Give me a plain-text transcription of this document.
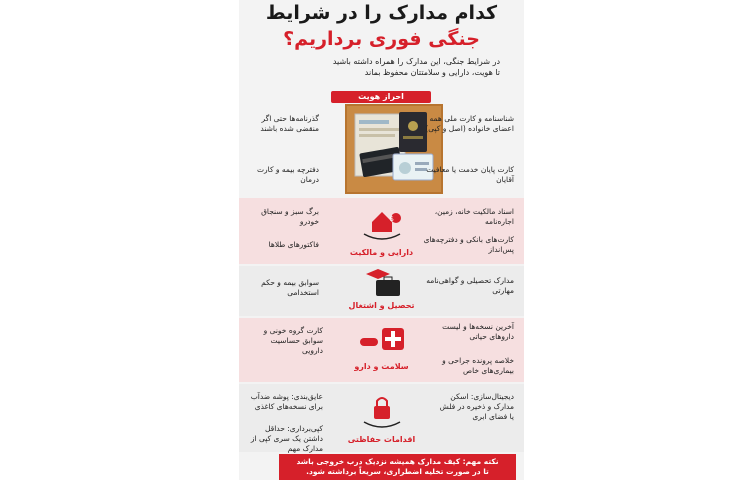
کدام مدارک را در شرایط
جنگی فوری برداریم؟
در شرایط جنگی، این مدارک را همراه داشته باشید
تا هویت، دارایی و سلامتتان محفوظ بماند
احراز هویت
شناسنامه و کارت ملی همه اعضای خانواده (اصل و کپی)
کارت پایان خدمت یا معافیت آقایان
گذرنامه‌ها حتی اگر منقضی شده باشند
دفترچه بیمه و کارت درمان
$
دارایی و مالکیت
اسناد مالکیت خانه، زمین، اجاره‌نامه
کارت‌های بانکی و دفترچه‌های پس‌انداز
برگ سبز و سنجاق خودرو
فاکتورهای طلاها
تحصیل و اشتغال
مدارک تحصیلی و گواهی‌نامه مهارتی
سوابق بیمه و حکم استخدامی
سلامت و دارو
آخرین نسخه‌ها و لیست داروهای حیاتی
خلاصه پرونده جراحی و بیماری‌های خاص
کارت گروه خونی و سوابق حساسیت دارویی
اقدامات حفاظتی
دیجیتال‌سازی: اسکن مدارک و ذخیره در فلش یا فضای ابری
عایق‌بندی: پوشه ضدآب برای نسخه‌های کاغذی
کپی‌برداری: حداقل داشتن یک سری کپی از مدارک مهم
نکته مهم: کیف مدارک همیشه نزدیک درب خروجی باشد
تا در صورت تخلیه اضطراری، سریعاً برداشته شود.
